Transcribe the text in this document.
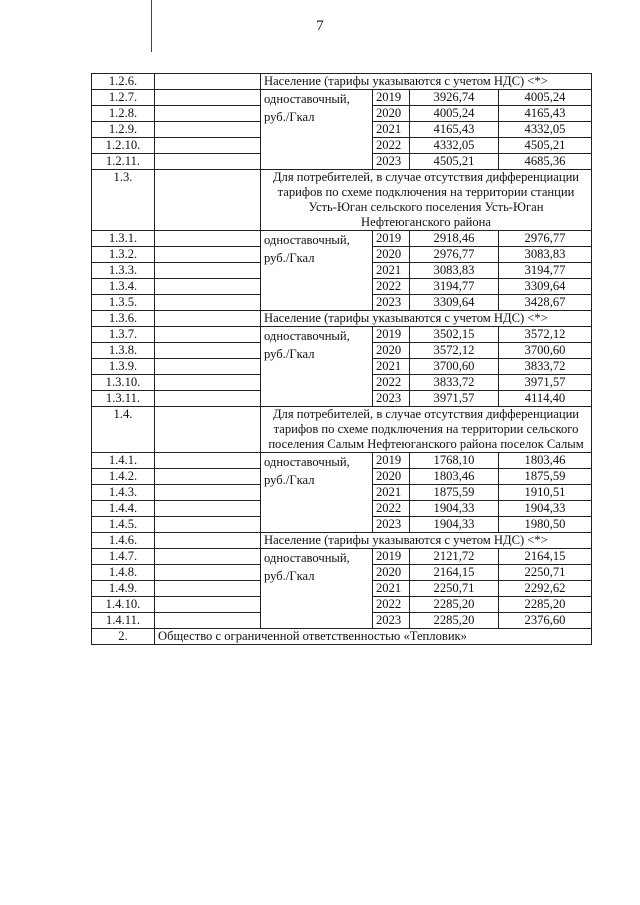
7
1.2.6.		Население (тарифы указываются с учетом НДС) <*>			
1.2.7.		одноставочный, руб./Гкал	2019	3926,74	4005,24
1.2.8.			2020	4005,24	4165,43
1.2.9.			2021	4165,43	4332,05
1.2.10.			2022	4332,05	4505,21
1.2.11.			2023	4505,21	4685,36
1.3.		Для потребителей, в случае отсутствия дифференциации тарифов по схеме подключения на территории станции Усть-Юган сельского поселения Усть-Юган Нефтеюганского района			
1.3.1.		одноставочный, руб./Гкал	2019	2918,46	2976,77
1.3.2.			2020	2976,77	3083,83
1.3.3.			2021	3083,83	3194,77
1.3.4.			2022	3194,77	3309,64
1.3.5.			2023	3309,64	3428,67
1.3.6.		Население (тарифы указываются с учетом НДС) <*>			
1.3.7.		одноставочный, руб./Гкал	2019	3502,15	3572,12
1.3.8.			2020	3572,12	3700,60
1.3.9.			2021	3700,60	3833,72
1.3.10.			2022	3833,72	3971,57
1.3.11.			2023	3971,57	4114,40
1.4.		Для потребителей, в случае отсутствия дифференциации тарифов по схеме подключения на территории сельского поселения Салым Нефтеюганского района поселок Салым			
1.4.1.		одноставочный, руб./Гкал	2019	1768,10	1803,46
1.4.2.			2020	1803,46	1875,59
1.4.3.			2021	1875,59	1910,51
1.4.4.			2022	1904,33	1904,33
1.4.5.			2023	1904,33	1980,50
1.4.6.		Население (тарифы указываются с учетом НДС) <*>			
1.4.7.		одноставочный, руб./Гкал	2019	2121,72	2164,15
1.4.8.			2020	2164,15	2250,71
1.4.9.			2021	2250,71	2292,62
1.4.10.			2022	2285,20	2285,20
1.4.11.			2023	2285,20	2376,60
2.	Общество с ограниченной ответственностью «Тепловик»				
